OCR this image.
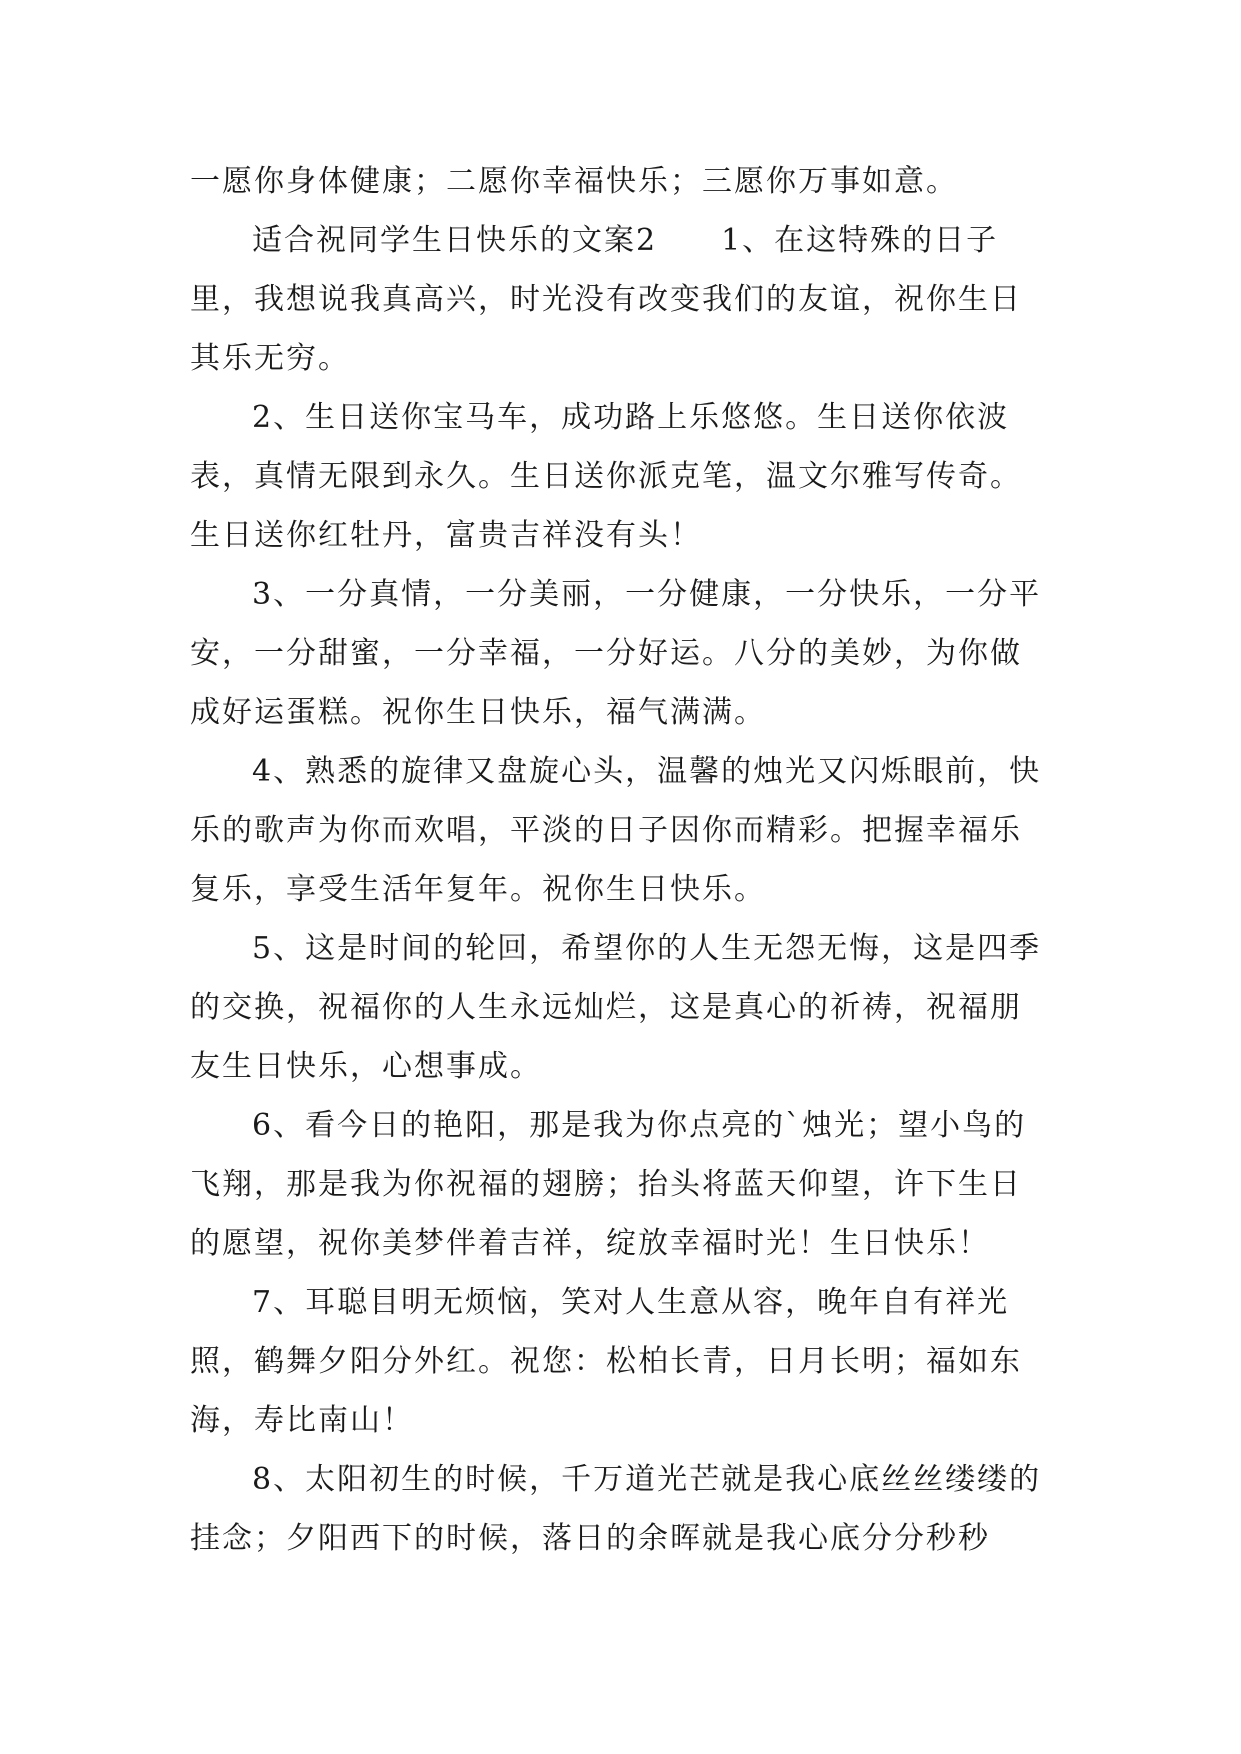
一愿你身体健康；二愿你幸福快乐；三愿你万事如意。

适合祝同学生日快乐的文案2　　1、在这特殊的日子里，我想说我真高兴，时光没有改变我们的友谊，祝你生日其乐无穷。

2、生日送你宝马车，成功路上乐悠悠。生日送你依波表，真情无限到永久。生日送你派克笔，温文尔雅写传奇。生日送你红牡丹，富贵吉祥没有头！

3、一分真情，一分美丽，一分健康，一分快乐，一分平安，一分甜蜜，一分幸福，一分好运。八分的美妙，为你做成好运蛋糕。祝你生日快乐，福气满满。

4、熟悉的旋律又盘旋心头，温馨的烛光又闪烁眼前，快乐的歌声为你而欢唱，平淡的日子因你而精彩。把握幸福乐复乐，享受生活年复年。祝你生日快乐。

5、这是时间的轮回，希望你的人生无怨无悔，这是四季的交换，祝福你的人生永远灿烂，这是真心的祈祷，祝福朋友生日快乐，心想事成。

6、看今日的艳阳，那是我为你点亮的`烛光；望小鸟的飞翔，那是我为你祝福的翅膀；抬头将蓝天仰望，许下生日的愿望，祝你美梦伴着吉祥，绽放幸福时光！生日快乐！

7、耳聪目明无烦恼，笑对人生意从容，晚年自有祥光照，鹤舞夕阳分外红。祝您：松柏长青，日月长明；福如东海，寿比南山！

8、太阳初生的时候，千万道光芒就是我心底丝丝缕缕的挂念；夕阳西下的时候，落日的余晖就是我心底分分秒秒
